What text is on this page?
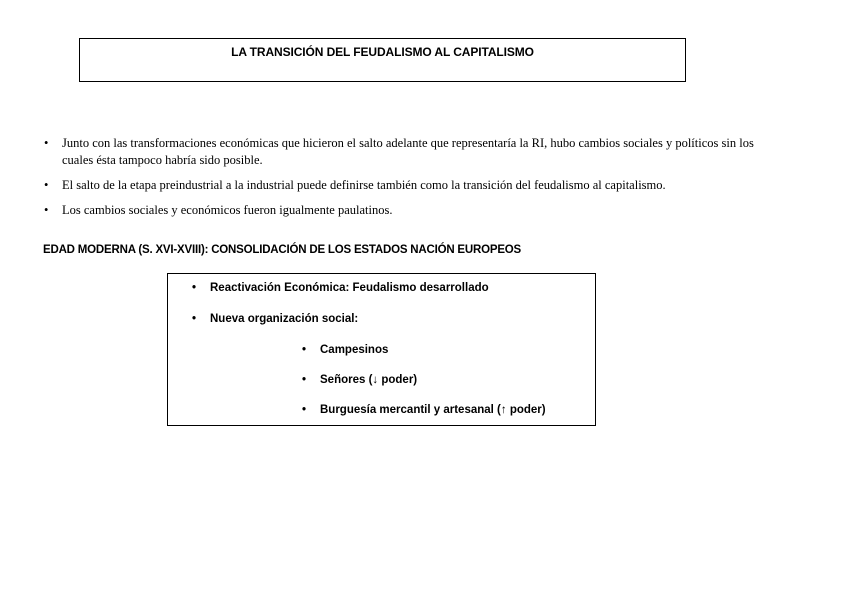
LA TRANSICIÓN DEL FEUDALISMO AL CAPITALISMO
• Junto con las transformaciones económicas que hicieron el salto adelante que representaría la RI, hubo cambios sociales y políticos sin los cuales ésta tampoco habría sido posible.
• El salto de la etapa preindustrial a la industrial puede definirse también como la transición del feudalismo al capitalismo.
• Los cambios sociales y económicos fueron igualmente paulatinos.
EDAD MODERNA (S. XVI-XVIII): CONSOLIDACIÓN DE LOS ESTADOS NACIÓN EUROPEOS
• Reactivación Económica: Feudalismo desarrollado
• Nueva organización social:
• Campesinos
• Señores (↓ poder)
• Burguesía mercantil y artesanal (↑ poder)
